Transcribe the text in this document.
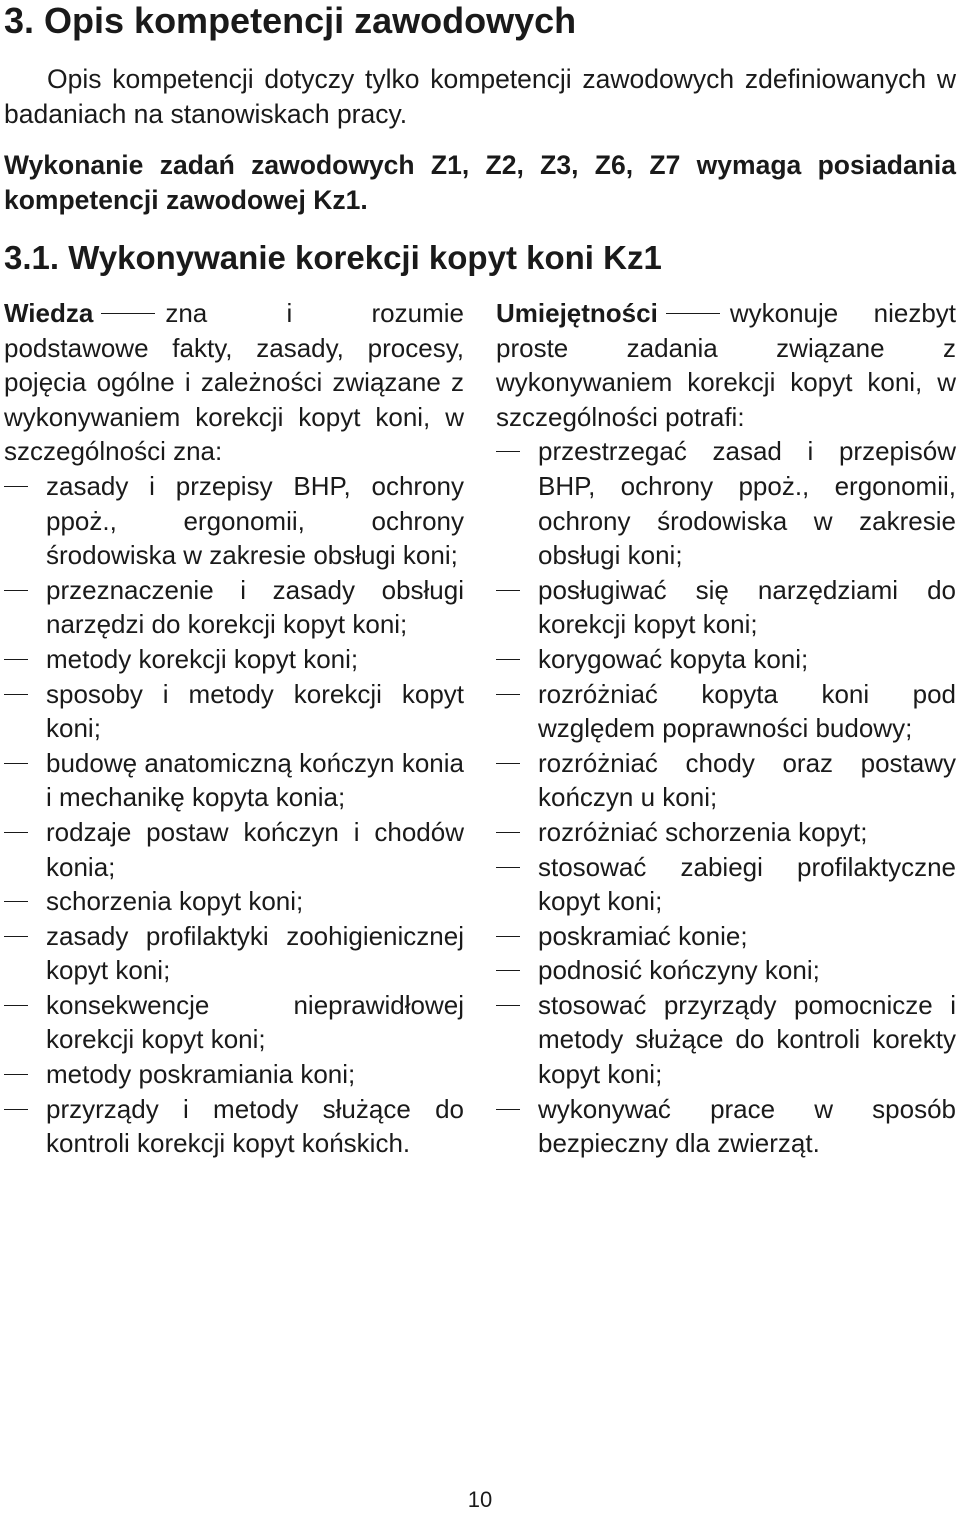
3. Opis kompetencji zawodowych

Opis kompetencji dotyczy tylko kompetencji zawodowych zdefiniowanych w badaniach na stanowiskach pracy.

Wykonanie zadań zawodowych Z1, Z2, Z3, Z6, Z7 wymaga posiadania kompetencji zawodowej Kz1.

3.1. Wykonywanie korekcji kopyt koni Kz1

Wiedza	zna i rozumie podstawowe fakty, zasady, procesy, pojęcia ogólne i zależności związane z wykonywaniem korekcji kopyt koni, w szczególności zna:

zasady i przepisy BHP, ochrony ppoż., ergonomii, ochrony środowiska w zakresie obsługi koni;
przeznaczenie i zasady obsługi narzędzi do korekcji kopyt koni;
metody korekcji kopyt koni;
sposoby i metody korekcji kopyt koni;
budowę anatomiczną kończyn konia i mechanikę kopyta konia;
rodzaje postaw kończyn i chodów konia;
schorzenia kopyt koni;
zasady profilaktyki zoohigienicznej kopyt koni;
konsekwencje nieprawidłowej korekcji kopyt koni;
metody poskramiania koni;
przyrządy i metody służące do kontroli korekcji kopyt końskich.

Umiejętności	wykonuje niezbyt proste zadania związane z wykonywaniem korekcji kopyt koni, w szczególności potrafi:

przestrzegać zasad i przepisów BHP, ochrony ppoż., ergonomii, ochrony środowiska w zakresie obsługi koni;
posługiwać się narzędziami do korekcji kopyt koni;
korygować kopyta koni;
rozróżniać kopyta koni pod względem poprawności budowy;
rozróżniać chody oraz postawy kończyn u koni;
rozróżniać schorzenia kopyt;
stosować zabiegi profilaktyczne kopyt koni;
poskramiać konie;
podnosić kończyny koni;
stosować przyrządy pomocnicze i metody służące do kontroli korekty kopyt koni;
wykonywać prace w sposób bezpieczny dla zwierząt.
10
